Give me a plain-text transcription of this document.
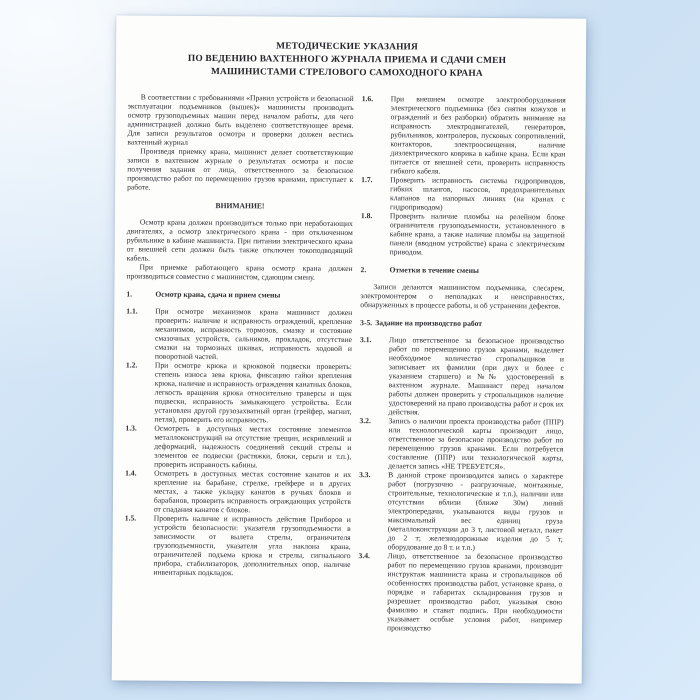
МЕТОДИЧЕСКИЕ УКАЗАНИЯ
ПО ВЕДЕНИЮ ВАХТЕННОГО ЖУРНАЛА ПРИЕМА И СДАЧИ СМЕН
МАШИНИСТАМИ СТРЕЛОВОГО САМОХОДНОГО КРАНА
В соответствии с требованиями «Правил устройств и безопасной эксплуатации подъемников (вышек)» машинисты производить осмотр грузоподъемных машин перед началом работы, для чего администрацией должно быть выделено соответствующее время. Для записи результатов осмотра и проверки должен вестись вахтенный журнал
Произведя приемку крана, машинист делает соответствующие записи в вахтенном журнале о результатах осмотра и после получения задания от лица, ответственного за безопасное производство работ по перемещению грузов кранами, приступает к работе.
ВНИМАНИЕ!
Осмотр крана должен производиться только при неработающих двигателях, а осмотр электрического крана - при отключенном рубильнике в кабине машиниста. При питании электрического крана от внешней сети должен быть также отключен токоподводящий кабель.
При приемке работающего крана осмотр крана должен производиться совместно с машинистом, сдающим смену.
1.	Осмотр крана, сдача и прием смены
1.1.	При осмотре механизмов крана машинист должен проверить: наличие и исправность ограждений, крепление механизмов, исправность тормозов, смазку и состояние смазочных устройств, сальников, прокладок, отсутствие смазки на тормозных шкивах, исправность ходовой и поворотной частей.
1.2.	При осмотре крюка и крюковой подвески проверить: степень износа зева крюка, фиксацию гайки крепления крюка, наличие и исправность ограждения канатных блоков, легкость вращения крюка относительно траверсы и щек подвески, исправность замыкающего устройства. Если установлен другой грузозахватный орган (грейфер, магнит, петля), проверить его исправность.
1.3.	Осмотреть в доступных местах состояние элементов металлоконструкций на отсутствие трещин, искривлений и деформаций, надежность соединений секций стрелы и элементов ее подвески (растяжки, блоки, серьги и т.п.), проверить исправность кабины.
1.4.	Осмотреть в доступных местах состояние канатов и их крепление на барабане, стрелке, грейфере и в других местах, а также укладку канатов в ручьях блоков и барабанов, проверить исправность ограждающих устройств от спадания канатов с блоков.
1.5.	Проверить наличие и исправность действия Приборов и устройств безопасности: указателя грузоподъемности в зависимости от вылета стрелы, ограничителя грузоподъемности, указателя угла наклона крана, ограничителей подъема крюка и стрелы, сигнального прибора, стабилизаторов, дополнительных опор, наличие инвентарных подкладок.
1.6.	При внешнем осмотре электрооборудования электрического подъемника (без снятия кожухов и ограждений и без разборки) обратить внимание на исправность электродвигателей, генераторов, рубильников, контролеров, пусковых сопротивлений, контакторов, электроосвещения, наличие диэлектрического коврика в кабине крана. Если кран питается от внешней сети, проверить исправность гибкого кабеля.
1.7.	Проверить исправность системы гидроприводов, гибких шлангов, насосов, предохранительных клапанов на напорных линиях (на кранах с гидроприводом)
1.8.	Проверить наличие пломбы на релейном блоке ограничителя грузоподъемности, установленного в кабине крана, а также наличие пломбы на защитной панели (вводном устройстве) крана с электрическим приводом.
2.	Отметки в течение смены
Записи делаются машинистом подъемника, слесарем, электромонтером о неполадках и неисправностях, обнаруженных в процессе работы, и об устранении дефектов.
3-5. Задание на производство работ
3.1.	Лицо ответственное за безопасное производство работ по перемещению грузов кранами, выделяет необходимое количество стропальщиков и записывает их фамилии (при двух и более с указанием старшего) и №№ удостоверений в вахтенном журнале. Машинист перед началом работы должен проверить у стропальщиков наличие удостоверений на право производства работ и срок их действия.
3.2.	Запись о наличии проекта производства работ (ППР) или технологической карты производит лицо, ответственное за безопасное производство работ по перемещению грузов кранами. Если потребуется составление (ППР) или технологической карты, делается запись «НЕ ТРЕБУЕТСЯ».
3.3.	В данной строке производится запись о характере работ (погрузочно - разгрузочные, монтажные, строительные, технологические и т.п.), наличии или отсутствии вблизи (ближе 30м) линий электропередачи, указываются виды грузов и максимальный вес единиц груза (металлоконструкции до 3 т, листовой металл, пакет до 2 т; железнодорожные изделия до 5 т, оборудование до 8 т. и т.п.)
3.4.	Лицо, ответственное за безопасное производство работ по перемещению грузов кранами, производит инструктаж машиниста крана и стропальщиков об особенностях производства работ, установке крана, о порядке и габаритах складирования грузов и разрешает производство работ, указывая свою фамилию и ставит подпись. При необходимости указывает особые условия работ, например производство
